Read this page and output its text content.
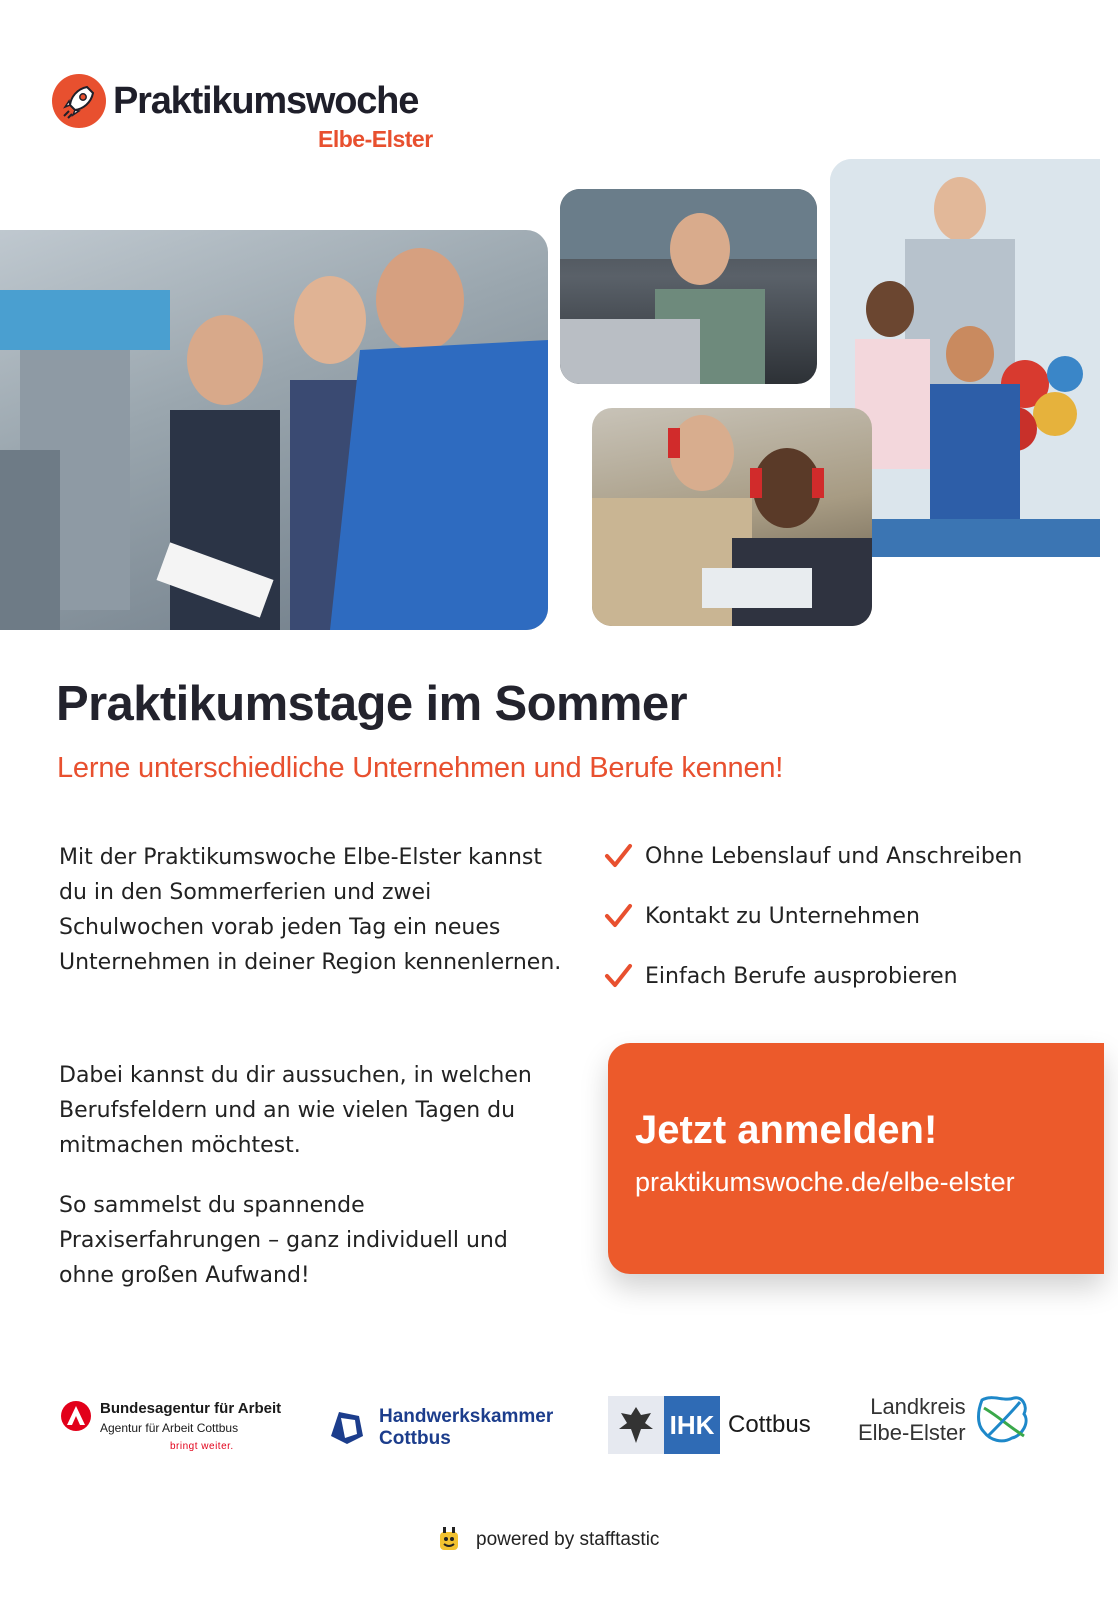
Praktikumswoche
Elbe-Elster
Praktikumstage im Sommer
Lerne unterschiedliche Unternehmen und Berufe kennen!
Mit der Praktikumswoche Elbe-Elster kannst du in den Sommerferien und zwei Schulwochen vorab jeden Tag ein neues Unternehmen in deiner Region kennenlernen.
Dabei kannst du dir aussuchen, in welchen Berufsfeldern und an wie vielen Tagen du mitmachen möchtest.
So sammelst du spannende Praxiserfahrungen – ganz individuell und ohne großen Aufwand!
Ohne Lebenslauf und Anschreiben
Kontakt zu Unternehmen
Einfach Berufe ausprobieren
Jetzt anmelden!
praktikumswoche.de/elbe-elster
Bundesagentur für Arbeit
Agentur für Arbeit Cottbus
bringt weiter.
Handwerkskammer
Cottbus	IHK Cottbus
Landkreis
Elbe-Elster
powered by stafftastic
